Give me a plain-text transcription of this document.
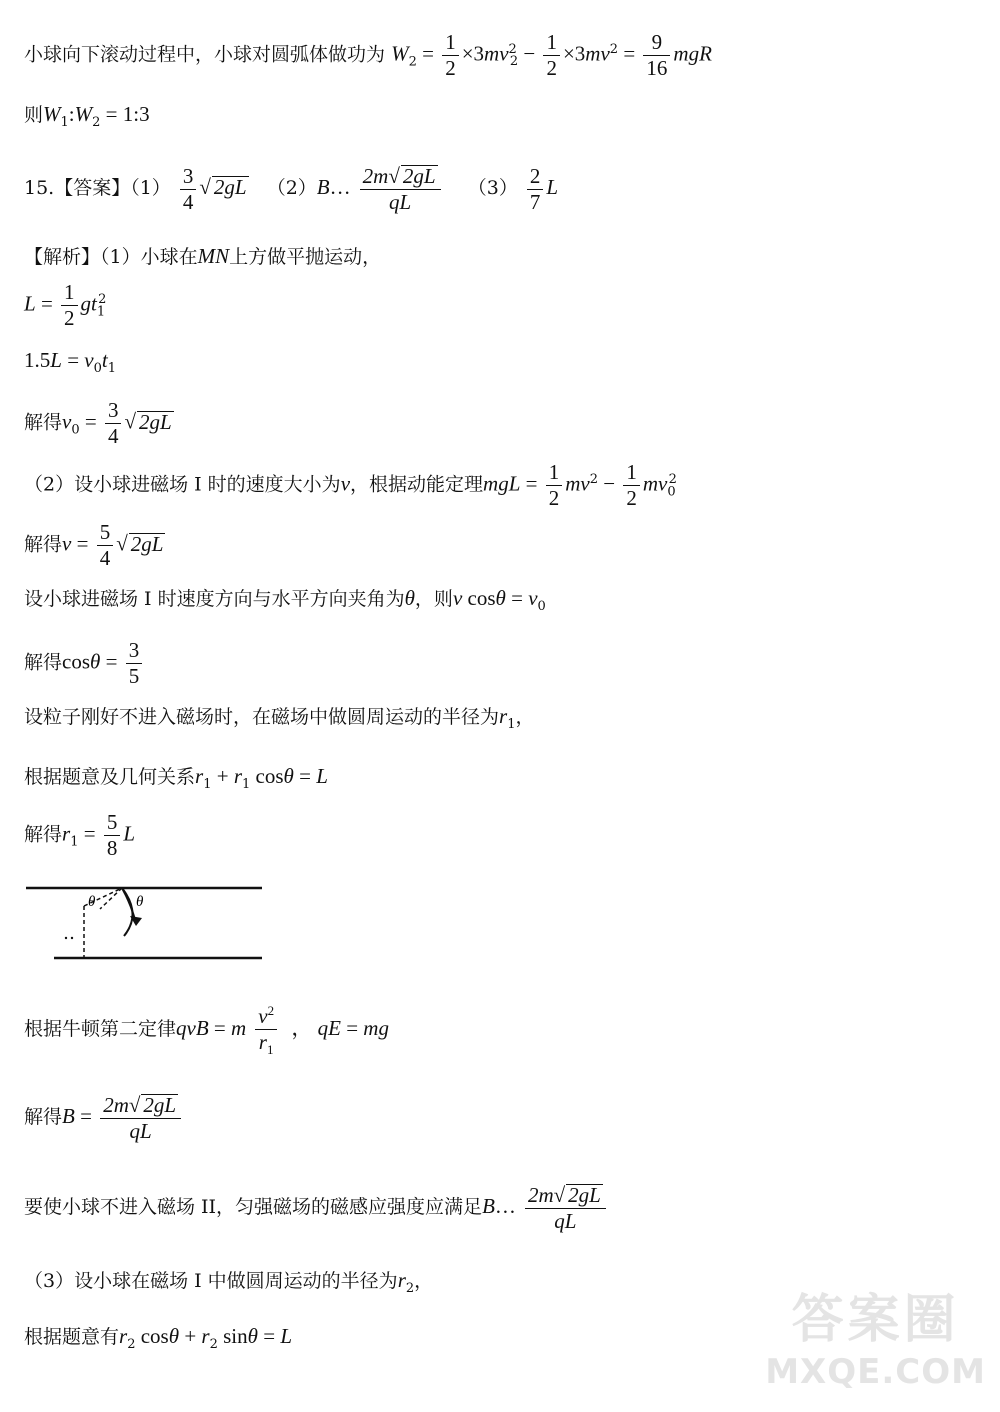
小球向下滚动过程中，小球对圆弧体做功为 $W_2 = \frac{1}{2} \times 3mv^2_2 - \frac{1}{2} \times 3mv^2 = \frac{9}{16}$ mgR
则$W_1:W_2$ = 1:3
15.【答案】$(1) \frac{3}{4}$ √ 2gL （2）B… $\frac{2m√ 2gL}{qL} (3) \frac{2}{7}$ L
【解析】（1）小球在MN上方做平抛运动，
$L = \frac{1}{2} gt_1^2$
$1.5L = v_0t_1$
解得$v_0 = \frac{3}{4}$ √ 2gL
（2）设小球进磁场 I 时的速度大小为v，根据动能定理mgL = $\frac{1}{2} mv^2 - \frac{1}{2} mv_0^2$
解得$v = \frac{5}{4}$ √ 2gL
设小球进磁场 I 时速度方向与水平方向夹角为θ，则v $\cos\theta = v_0$
解得$\cos\theta = \frac{3}{5}$
设粒子刚好不进入磁场时，在磁场中做圆周运动的半径为$r_1$，
根据题意及几何关系$r_1 + r_1$ cosθ = L
解得$r_1 = \frac{5}{8}$ L
θ	θ
根据牛顿第二定律qvB = m $\frac{v^2}{r_1}$ ， qE = mg
解得$B = \frac{2m√ 2gL}{qL}$
要使小球不进入磁场 II，匀强磁场的磁感应强度应满足B… $\frac{2m√ 2gL}{qL}$
（3）设小球在磁场 I 中做圆周运动的半径为$r_2$，
根据题意有$r_2$ $\cos\theta + r_2$ sinθ = L	答案圈
MXQE.COM
